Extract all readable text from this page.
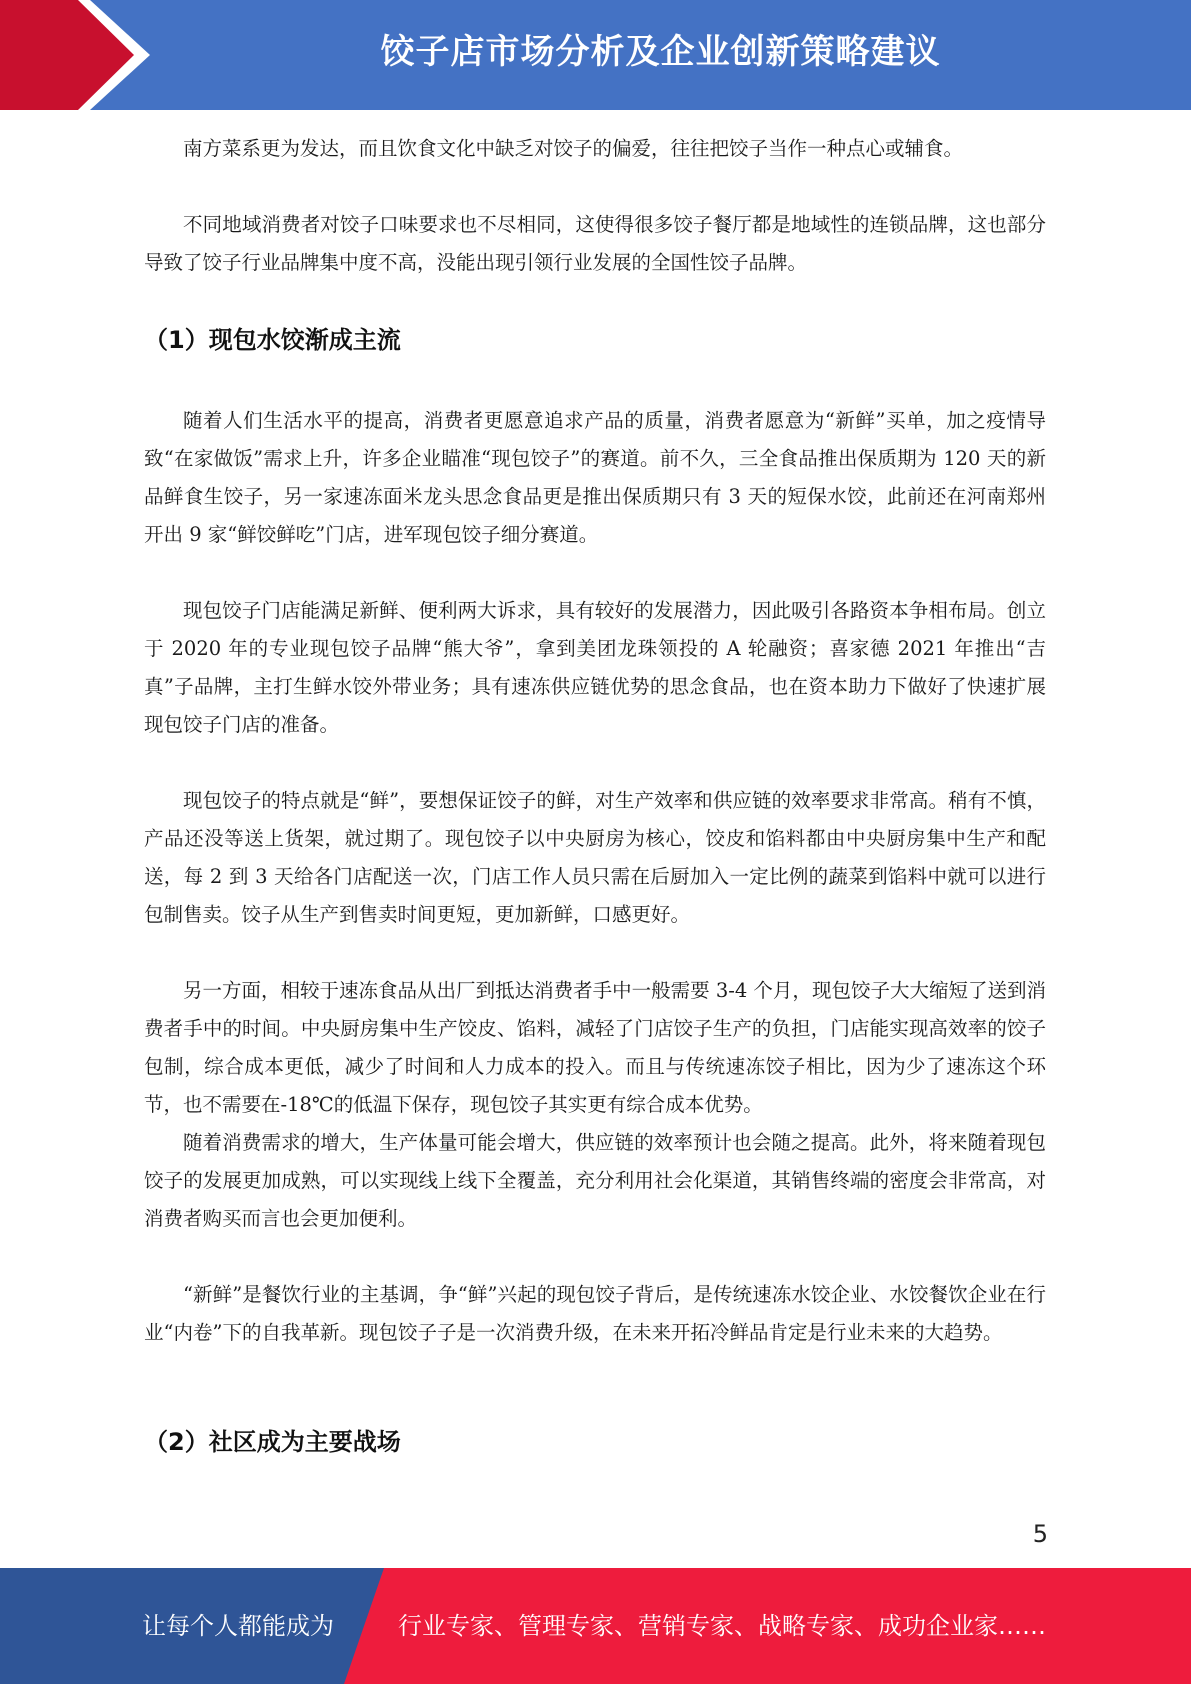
饺子店市场分析及企业创新策略建议

南方菜系更为发达，而且饮食文化中缺乏对饺子的偏爱，往往把饺子当作一种点心或辅食。

不同地域消费者对饺子口味要求也不尽相同，这使得很多饺子餐厅都是地域性的连锁品牌，这也部分导致了饺子行业品牌集中度不高，没能出现引领行业发展的全国性饺子品牌。

（1）现包水饺渐成主流

随着人们生活水平的提高，消费者更愿意追求产品的质量，消费者愿意为“新鲜”买单，加之疫情导致“在家做饭”需求上升，许多企业瞄准“现包饺子”的赛道。前不久，三全食品推出保质期为 120 天的新品鲜食生饺子，另一家速冻面米龙头思念食品更是推出保质期只有 3 天的短保水饺，此前还在河南郑州开出 9 家“鲜饺鲜吃”门店，进军现包饺子细分赛道。

现包饺子门店能满足新鲜、便利两大诉求，具有较好的发展潜力，因此吸引各路资本争相布局。创立于 2020 年的专业现包饺子品牌“熊大爷”，拿到美团龙珠领投的 A 轮融资；喜家德 2021 年推出“吉真”子品牌，主打生鲜水饺外带业务；具有速冻供应链优势的思念食品，也在资本助力下做好了快速扩展现包饺子门店的准备。

现包饺子的特点就是“鲜”，要想保证饺子的鲜，对生产效率和供应链的效率要求非常高。稍有不慎，产品还没等送上货架，就过期了。现包饺子以中央厨房为核心，饺皮和馅料都由中央厨房集中生产和配送，每 2 到 3 天给各门店配送一次，门店工作人员只需在后厨加入一定比例的蔬菜到馅料中就可以进行包制售卖。饺子从生产到售卖时间更短，更加新鲜，口感更好。

另一方面，相较于速冻食品从出厂到抵达消费者手中一般需要 3-4 个月，现包饺子大大缩短了送到消费者手中的时间。中央厨房集中生产饺皮、馅料，减轻了门店饺子生产的负担，门店能实现高效率的饺子包制，综合成本更低，减少了时间和人力成本的投入。而且与传统速冻饺子相比，因为少了速冻这个环节，也不需要在-18℃的低温下保存，现包饺子其实更有综合成本优势。

随着消费需求的增大，生产体量可能会增大，供应链的效率预计也会随之提高。此外，将来随着现包饺子的发展更加成熟，可以实现线上线下全覆盖，充分利用社会化渠道，其销售终端的密度会非常高，对消费者购买而言也会更加便利。

“新鲜”是餐饮行业的主基调，争“鲜”兴起的现包饺子背后，是传统速冻水饺企业、水饺餐饮企业在行业“内卷”下的自我革新。现包饺子子是一次消费升级，在未来开拓冷鲜品肯定是行业未来的大趋势。

（2）社区成为主要战场
5
让每个人都能成为	行业专家、管理专家、营销专家、战略专家、成功企业家……
